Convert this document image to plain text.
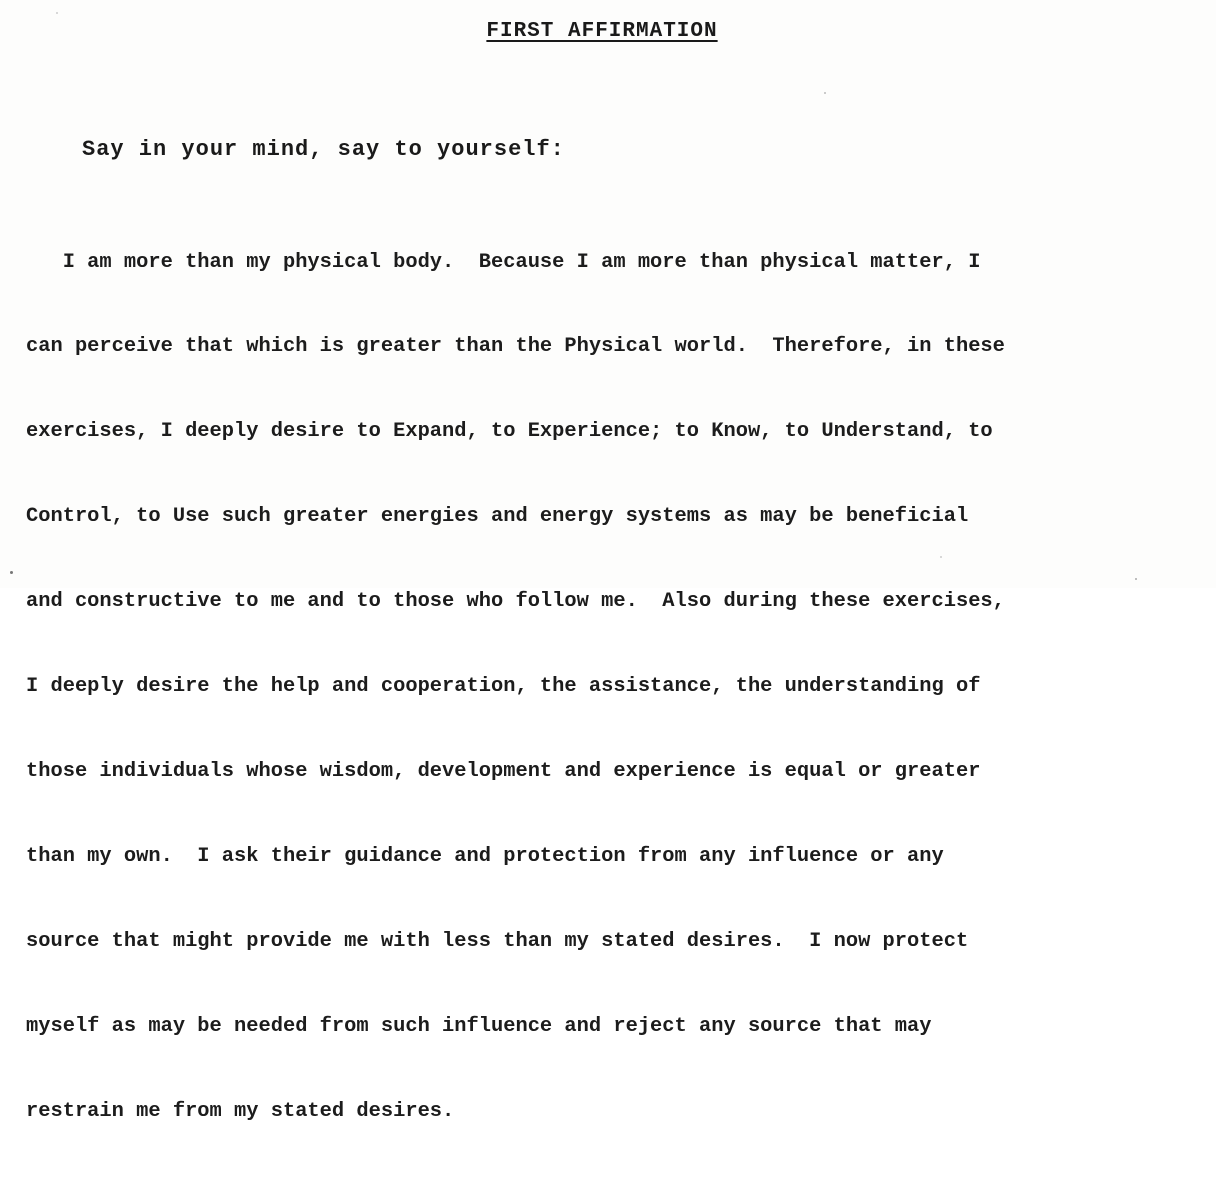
FIRST AFFIRMATION
Say in your mind, say to yourself:

I am more than my physical body.  Because I am more than physical matter, I

can perceive that which is greater than the Physical world.  Therefore, in these

exercises, I deeply desire to Expand, to Experience; to Know, to Understand, to

Control, to Use such greater energies and energy systems as may be beneficial

and constructive to me and to those who follow me.  Also during these exercises,

I deeply desire the help and cooperation, the assistance, the understanding of

those individuals whose wisdom, development and experience is equal or greater

than my own.  I ask their guidance and protection from any influence or any

source that might provide me with less than my stated desires.  I now protect

myself as may be needed from such influence and reject any source that may

restrain me from my stated desires.
